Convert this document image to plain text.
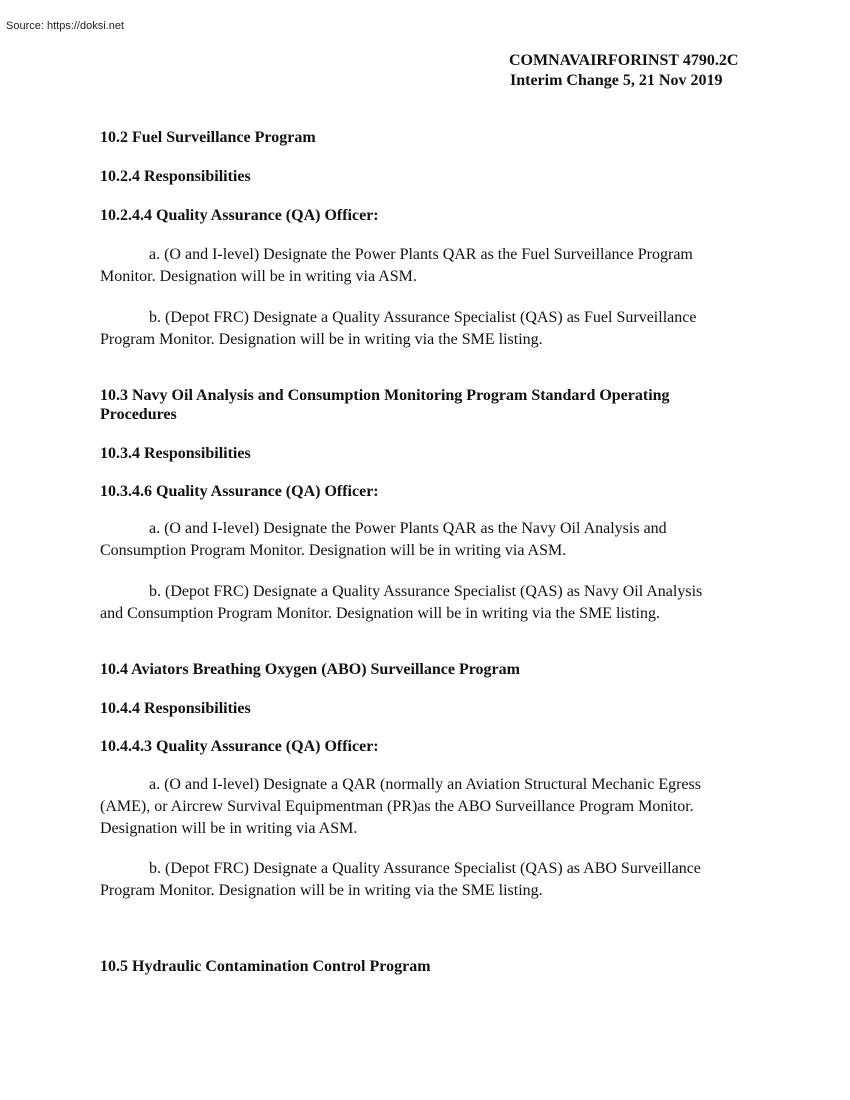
Source: https://doksi.net
COMNAVAIRFORINST 4790.2C
Interim Change 5, 21 Nov 2019
10.2 Fuel Surveillance Program
10.2.4 Responsibilities
10.2.4.4 Quality Assurance (QA) Officer:
a. (O and I-level) Designate the Power Plants QAR as the Fuel Surveillance Program
Monitor. Designation will be in writing via ASM.
b. (Depot FRC) Designate a Quality Assurance Specialist (QAS) as Fuel Surveillance
Program Monitor. Designation will be in writing via the SME listing.
10.3 Navy Oil Analysis and Consumption Monitoring Program Standard Operating Procedures
10.3.4 Responsibilities
10.3.4.6 Quality Assurance (QA) Officer:
a. (O and I-level) Designate the Power Plants QAR as the Navy Oil Analysis and
Consumption Program Monitor. Designation will be in writing via ASM.
b. (Depot FRC) Designate a Quality Assurance Specialist (QAS) as Navy Oil Analysis
and Consumption Program Monitor. Designation will be in writing via the SME listing.
10.4 Aviators Breathing Oxygen (ABO) Surveillance Program
10.4.4 Responsibilities
10.4.4.3 Quality Assurance (QA) Officer:
a. (O and I-level) Designate a QAR (normally an Aviation Structural Mechanic Egress
(AME), or Aircrew Survival Equipmentman (PR)as the ABO Surveillance Program Monitor.
Designation will be in writing via ASM.
b. (Depot FRC) Designate a Quality Assurance Specialist (QAS) as ABO Surveillance
Program Monitor. Designation will be in writing via the SME listing.
10.5 Hydraulic Contamination Control Program
